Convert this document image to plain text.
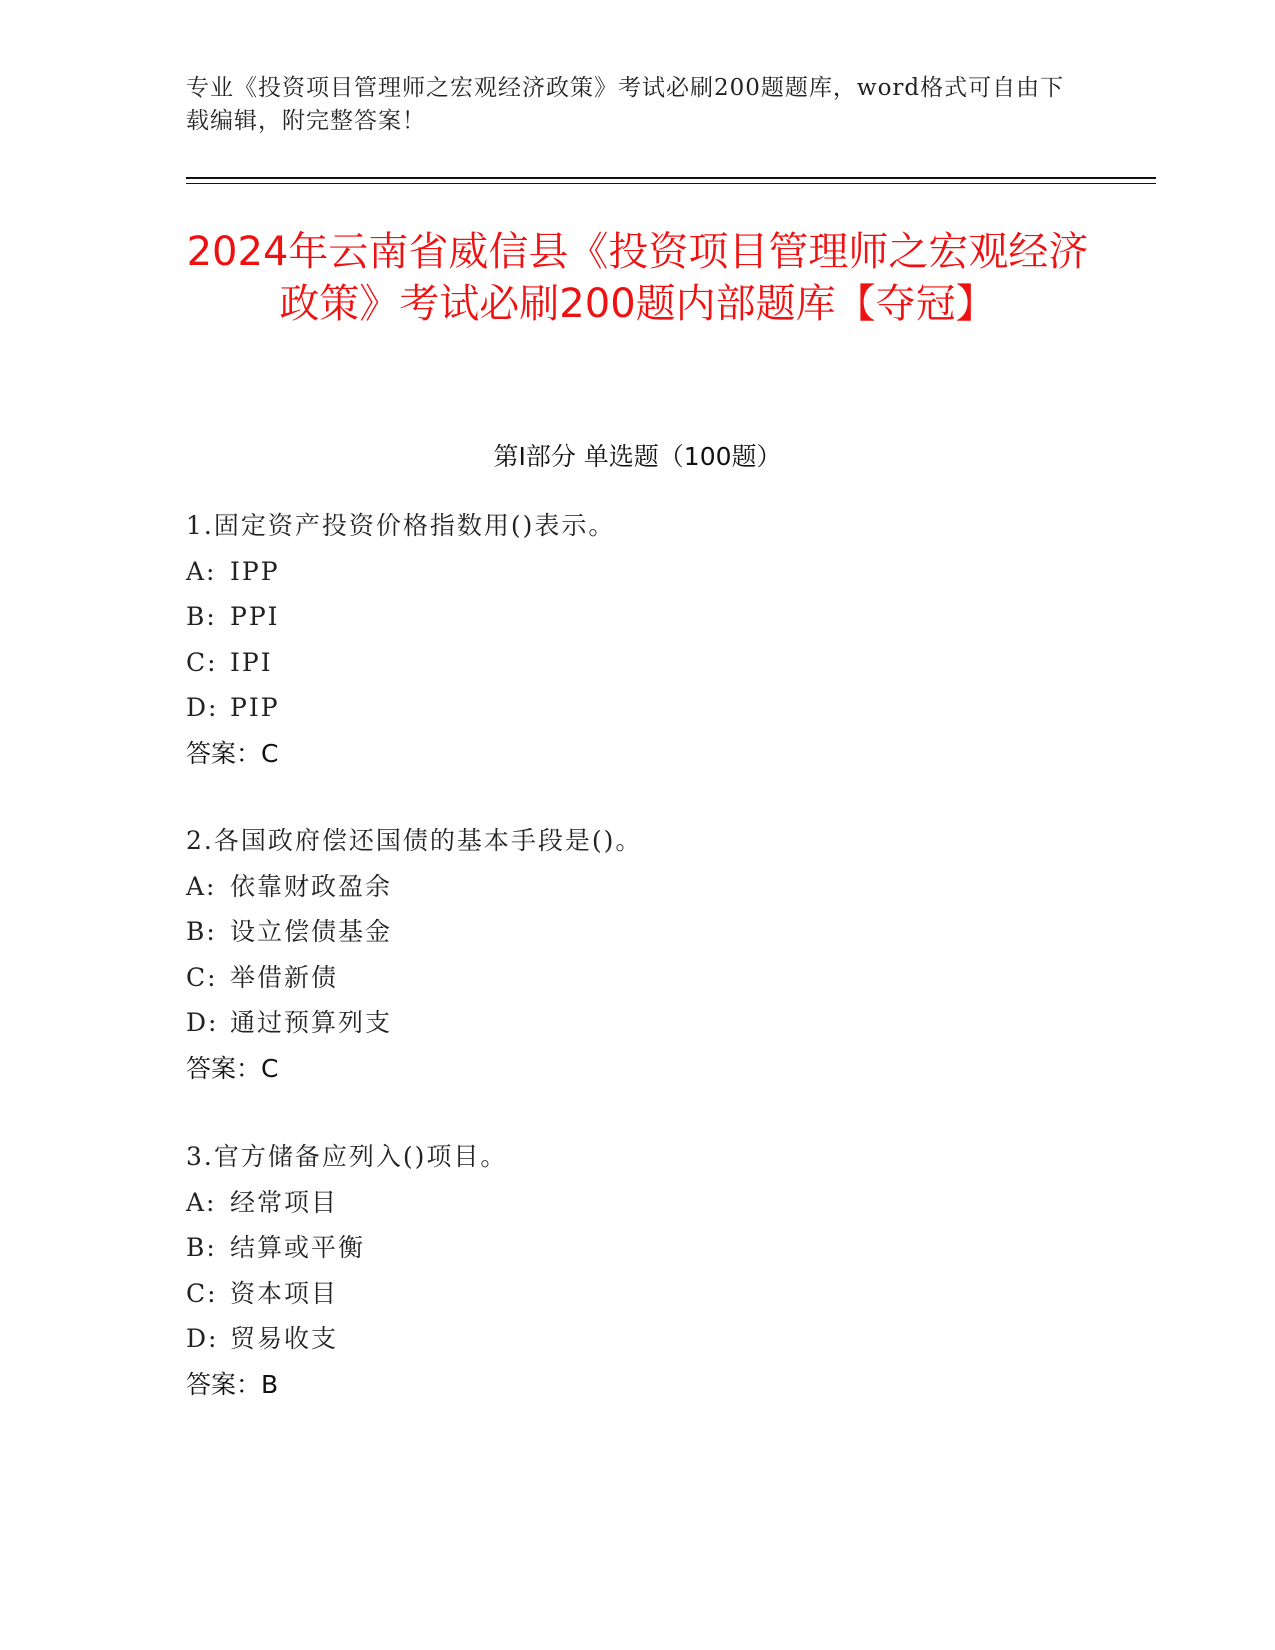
专业《投资项目管理师之宏观经济政策》考试必刷200题题库，word格式可自由下载编辑，附完整答案！
2024年云南省威信县《投资项目管理师之宏观经济政策》考试必刷200题内部题库【夺冠】
第I部分 单选题（100题）
1.固定资产投资价格指数用()表示。
A: IPP
B: PPI
C: IPI
D: PIP
答案：C
2.各国政府偿还国债的基本手段是()。
A: 依靠财政盈余
B: 设立偿债基金
C: 举借新债
D: 通过预算列支
答案：C
3.官方储备应列入()项目。
A: 经常项目
B: 结算或平衡
C: 资本项目
D: 贸易收支
答案：B
